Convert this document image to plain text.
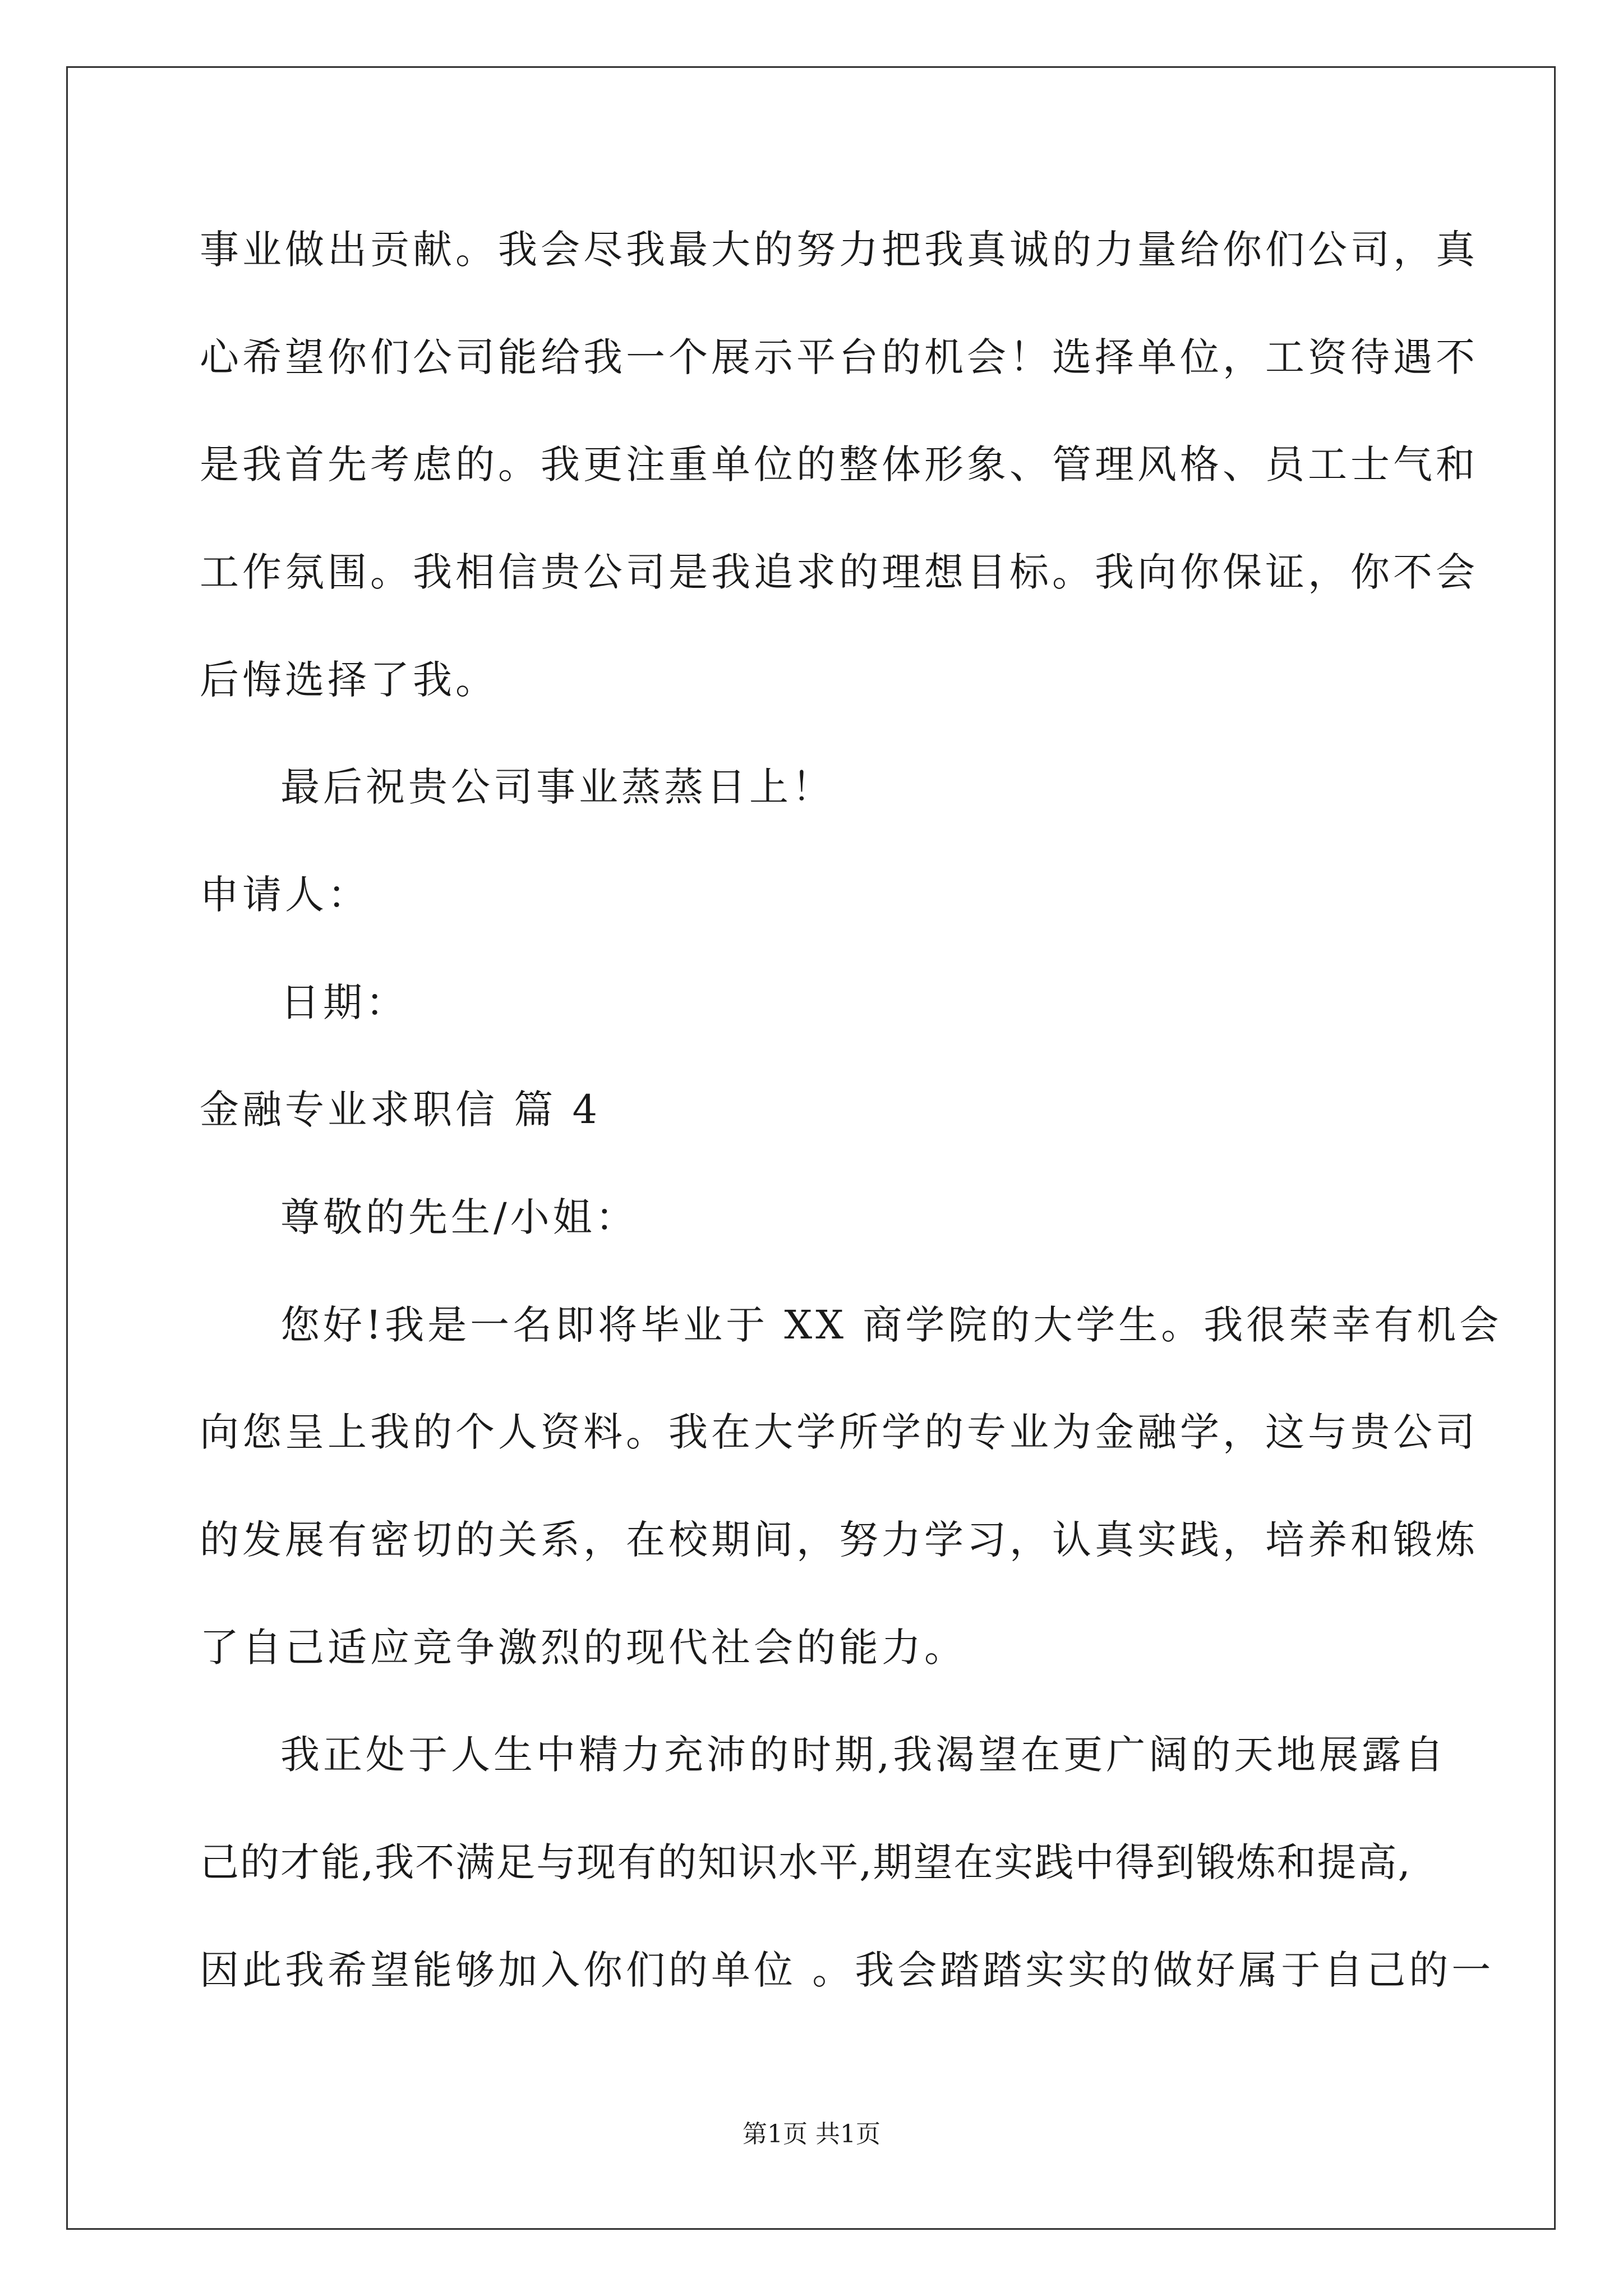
事业做出贡献。我会尽我最大的努力把我真诚的力量给你们公司，真
心希望你们公司能给我一个展示平台的机会！选择单位，工资待遇不
是我首先考虑的。我更注重单位的整体形象、管理风格、员工士气和
工作氛围。我相信贵公司是我追求的理想目标。我向你保证，你不会
后悔选择了我。
最后祝贵公司事业蒸蒸日上！
申请人：
日期：
金融专业求职信 篇 4
尊敬的先生/小姐：
您好!我是一名即将毕业于 XX 商学院的大学生。我很荣幸有机会
向您呈上我的个人资料。我在大学所学的专业为金融学，这与贵公司
的发展有密切的关系，在校期间，努力学习，认真实践，培养和锻炼
了自己适应竞争激烈的现代社会的能力。
我正处于人生中精力充沛的时期,我渴望在更广阔的天地展露自
己的才能,我不满足与现有的知识水平,期望在实践中得到锻炼和提高,
因此我希望能够加入你们的单位 。我会踏踏实实的做好属于自己的一
第1页 共1页
